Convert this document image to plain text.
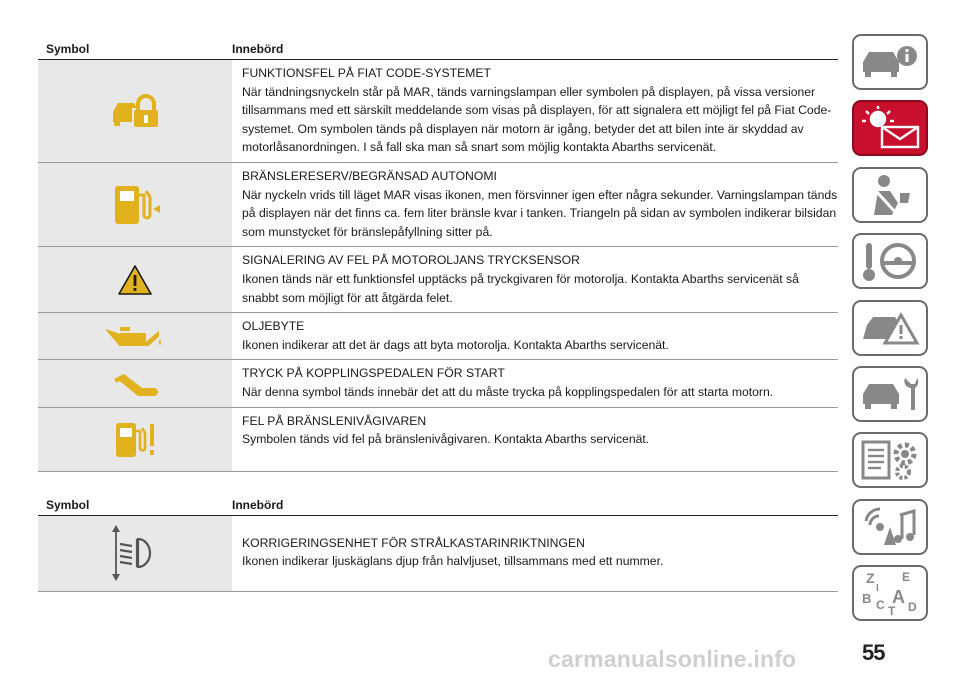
Symbol	Innebörd
FUNKTIONSFEL PÅ FIAT CODE-SYSTEMET
När tändningsnyckeln står på MAR, tänds varningslampan eller symbolen på displayen, på vissa versioner tillsammans med ett särskilt meddelande som visas på displayen, för att signalera ett möjligt fel på Fiat Code-systemet. Om symbolen tänds på displayen när motorn är igång, betyder det att bilen inte är skyddad av motorlåsanordningen. I så fall ska man så snart som möjlig kontakta Abarths servicenät.
BRÄNSLERESERV/BEGRÄNSAD AUTONOMI
När nyckeln vrids till läget MAR visas ikonen, men försvinner igen efter några sekunder. Varningslampan tänds på displayen när det finns ca. fem liter bränsle kvar i tanken. Triangeln på sidan av symbolen indikerar bilsidan som munstycket för bränslepåfyllning sitter på.
SIGNALERING AV FEL PÅ MOTOROLJANS TRYCKSENSOR
Ikonen tänds när ett funktionsfel upptäcks på tryckgivaren för motorolja. Kontakta Abarths servicenät så snabbt som möjligt för att åtgärda felet.
OLJEBYTE
Ikonen indikerar att det är dags att byta motorolja. Kontakta Abarths servicenät.
TRYCK PÅ KOPPLINGSPEDALEN FÖR START
När denna symbol tänds innebär det att du måste trycka på kopplingspedalen för att starta motorn.
FEL PÅ BRÄNSLENIVÅGIVAREN
Symbolen tänds vid fel på bränslenivågivaren. Kontakta Abarths servicenät.
Symbol	Innebörd
KORRIGERINGSENHET FÖR STRÅLKASTARINRIKTNINGEN
Ikonen indikerar ljuskäglans djup från halvljuset, tillsammans med ett nummer.
Z E
B A
C T D
I
55
carmanualsonline.info
